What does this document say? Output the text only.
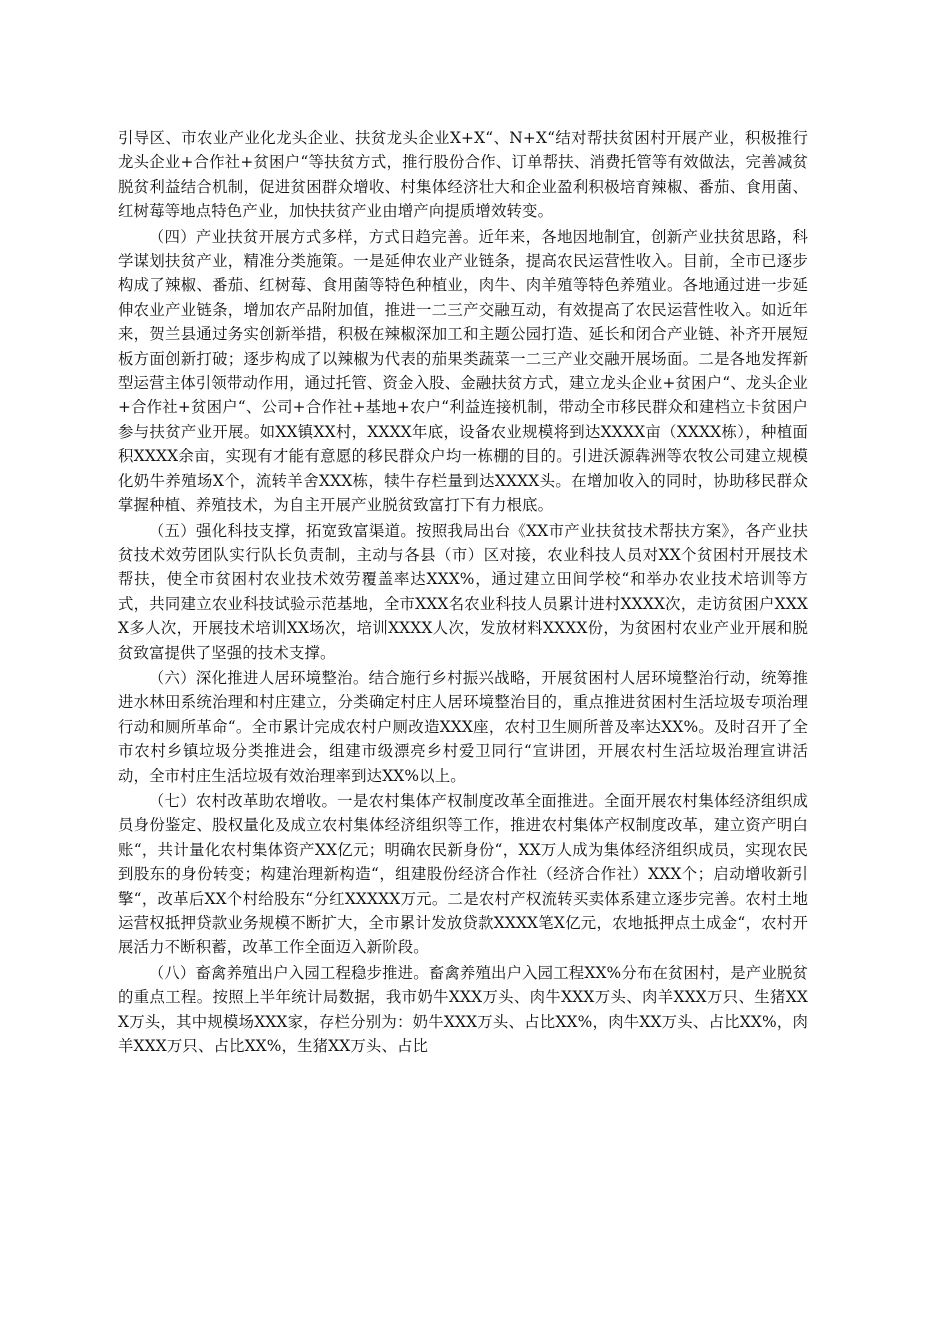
引导区、市农业产业化龙头企业、扶贫龙头企业X+X“、N+X“结对帮扶贫困村开展产业，积极推行龙头企业+合作社+贫困户“等扶贫方式，推行股份合作、订单帮扶、消费托管等有效做法，完善减贫脱贫利益结合机制，促进贫困群众增收、村集体经济壮大和企业盈利积极培育辣椒、番茄、食用菌、红树莓等地点特色产业，加快扶贫产业由增产向提质增效转变。

（四）产业扶贫开展方式多样，方式日趋完善。近年来，各地因地制宜，创新产业扶贫思路，科学谋划扶贫产业，精准分类施策。一是延伸农业产业链条，提高农民运营性收入。目前，全市已逐步构成了辣椒、番茄、红树莓、食用菌等特色种植业，肉牛、肉羊殖等特色养殖业。各地通过进一步延伸农业产业链条，增加农产品附加值，推进一二三产交融互动，有效提高了农民运营性收入。如近年来，贺兰县通过务实创新举措，积极在辣椒深加工和主题公园打造、延长和闭合产业链、补齐开展短板方面创新打破；逐步构成了以辣椒为代表的茄果类蔬菜一二三产业交融开展场面。二是各地发挥新型运营主体引领带动作用，通过托管、资金入股、金融扶贫方式，建立龙头企业+贫困户“、龙头企业+合作社+贫困户“、公司+合作社+基地+农户“利益连接机制，带动全市移民群众和建档立卡贫困户参与扶贫产业开展。如XX镇XX村，XXXX年底，设备农业规模将到达XXXX亩（XXXX栋），种植面积XXXX余亩，实现有才能有意愿的移民群众户均一栋棚的目的。引进沃源犇洲等农牧公司建立规模化奶牛养殖场X个，流转羊舍XXX栋，犊牛存栏量到达XXXX头。在增加收入的同时，协助移民群众掌握种植、养殖技术，为自主开展产业脱贫致富打下有力根底。

（五）强化科技支撑，拓宽致富渠道。按照我局出台《XX市产业扶贫技术帮扶方案》，各产业扶贫技术效劳团队实行队长负责制，主动与各县（市）区对接，农业科技人员对XX个贫困村开展技术帮扶，使全市贫困村农业技术效劳覆盖率达XXX%，通过建立田间学校“和举办农业技术培训等方式，共同建立农业科技试验示范基地，全市XXX名农业科技人员累计进村XXXX次，走访贫困户XXXX多人次，开展技术培训XX场次，培训XXXX人次，发放材料XXXX份，为贫困村农业产业开展和脱贫致富提供了坚强的技术支撑。

（六）深化推进人居环境整治。结合施行乡村振兴战略，开展贫困村人居环境整治行动，统筹推进水林田系统治理和村庄建立，分类确定村庄人居环境整治目的，重点推进贫困村生活垃圾专项治理行动和厕所革命“。全市累计完成农村户厕改造XXX座，农村卫生厕所普及率达XX%。及时召开了全市农村乡镇垃圾分类推进会，组建市级漂亮乡村爱卫同行“宣讲团，开展农村生活垃圾治理宣讲活动，全市村庄生活垃圾有效治理率到达XX%以上。

（七）农村改革助农增收。一是农村集体产权制度改革全面推进。全面开展农村集体经济组织成员身份鉴定、股权量化及成立农村集体经济组织等工作，推进农村集体产权制度改革，建立资产明白账“，共计量化农村集体资产XX亿元；明确农民新身份“，XX万人成为集体经济组织成员，实现农民到股东的身份转变；构建治理新构造“，组建股份经济合作社（经济合作社）XXX个；启动增收新引擎“，改革后XX个村给股东“分红XXXXX万元。二是农村产权流转买卖体系建立逐步完善。农村土地运营权抵押贷款业务规模不断扩大，全市累计发放贷款XXXX笔X亿元，农地抵押点土成金“，农村开展活力不断积蓄，改革工作全面迈入新阶段。

（八）畜禽养殖出户入园工程稳步推进。畜禽养殖出户入园工程XX%分布在贫困村，是产业脱贫的重点工程。按照上半年统计局数据，我市奶牛XXX万头、肉牛XXX万头、肉羊XXX万只、生猪XXX万头，其中规模场XXX家，存栏分别为：奶牛XXX万头、占比XX%，肉牛XX万头、占比XX%，肉羊XXX万只、占比XX%，生猪XX万头、占比
